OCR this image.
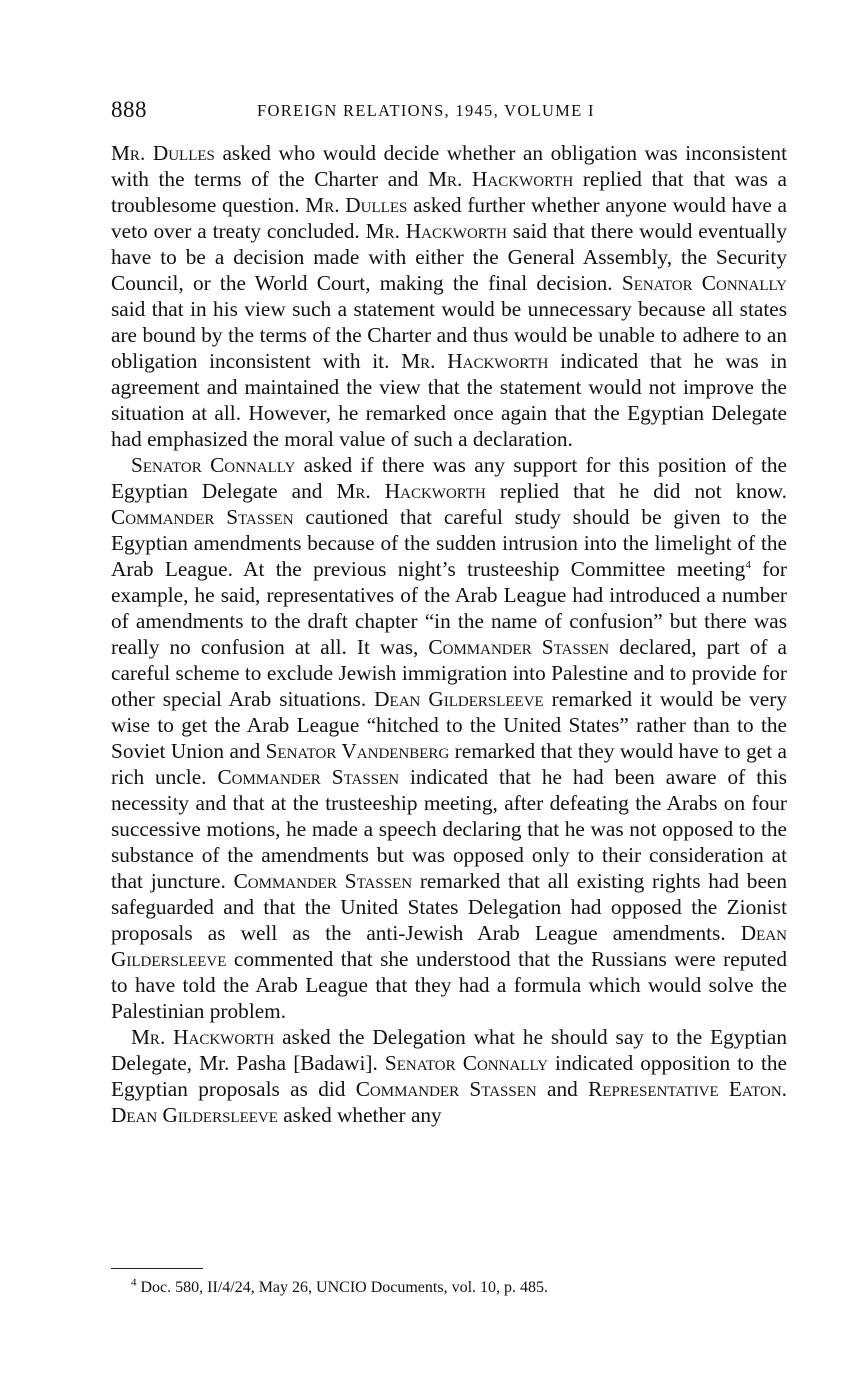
888	FOREIGN RELATIONS, 1945, VOLUME I

Mr. Dulles asked who would decide whether an obligation was inconsistent with the terms of the Charter and Mr. Hackworth replied that that was a troublesome question. Mr. Dulles asked further whether anyone would have a veto over a treaty concluded. Mr. Hackworth said that there would eventually have to be a decision made with either the General Assembly, the Security Council, or the World Court, making the final decision. Senator Connally said that in his view such a statement would be unnecessary because all states are bound by the terms of the Charter and thus would be unable to adhere to an obligation inconsistent with it. Mr. Hackworth indicated that he was in agreement and maintained the view that the statement would not improve the situation at all. However, he remarked once again that the Egyptian Delegate had emphasized the moral value of such a declaration.

Senator Connally asked if there was any support for this position of the Egyptian Delegate and Mr. Hackworth replied that he did not know. Commander Stassen cautioned that careful study should be given to the Egyptian amendments because of the sudden intrusion into the limelight of the Arab League. At the previous night’s trusteeship Committee meeting$^4$ for example, he said, representatives of the Arab League had introduced a number of amendments to the draft chapter “in the name of confusion” but there was really no confusion at all. It was, Commander Stassen declared, part of a careful scheme to exclude Jewish immigration into Palestine and to provide for other special Arab situations. Dean Gildersleeve remarked it would be very wise to get the Arab League “hitched to the United States” rather than to the Soviet Union and Senator Vandenberg remarked that they would have to get a rich uncle. Commander Stassen indicated that he had been aware of this necessity and that at the trusteeship meeting, after defeating the Arabs on four successive motions, he made a speech declaring that he was not opposed to the substance of the amendments but was opposed only to their consideration at that juncture. Commander Stassen remarked that all existing rights had been safeguarded and that the United States Delegation had opposed the Zionist proposals as well as the anti-Jewish Arab League amendments. Dean Gildersleeve commented that she understood that the Russians were reputed to have told the Arab League that they had a formula which would solve the Palestinian problem.

Mr. Hackworth asked the Delegation what he should say to the Egyptian Delegate, Mr. Pasha [Badawi]. Senator Connally indicated opposition to the Egyptian proposals as did Commander Stassen and Representative Eaton. Dean Gildersleeve asked whether any

$^4$ Doc. 580, II/4/24, May 26, UNCIO Documents, vol. 10, p. 485.
